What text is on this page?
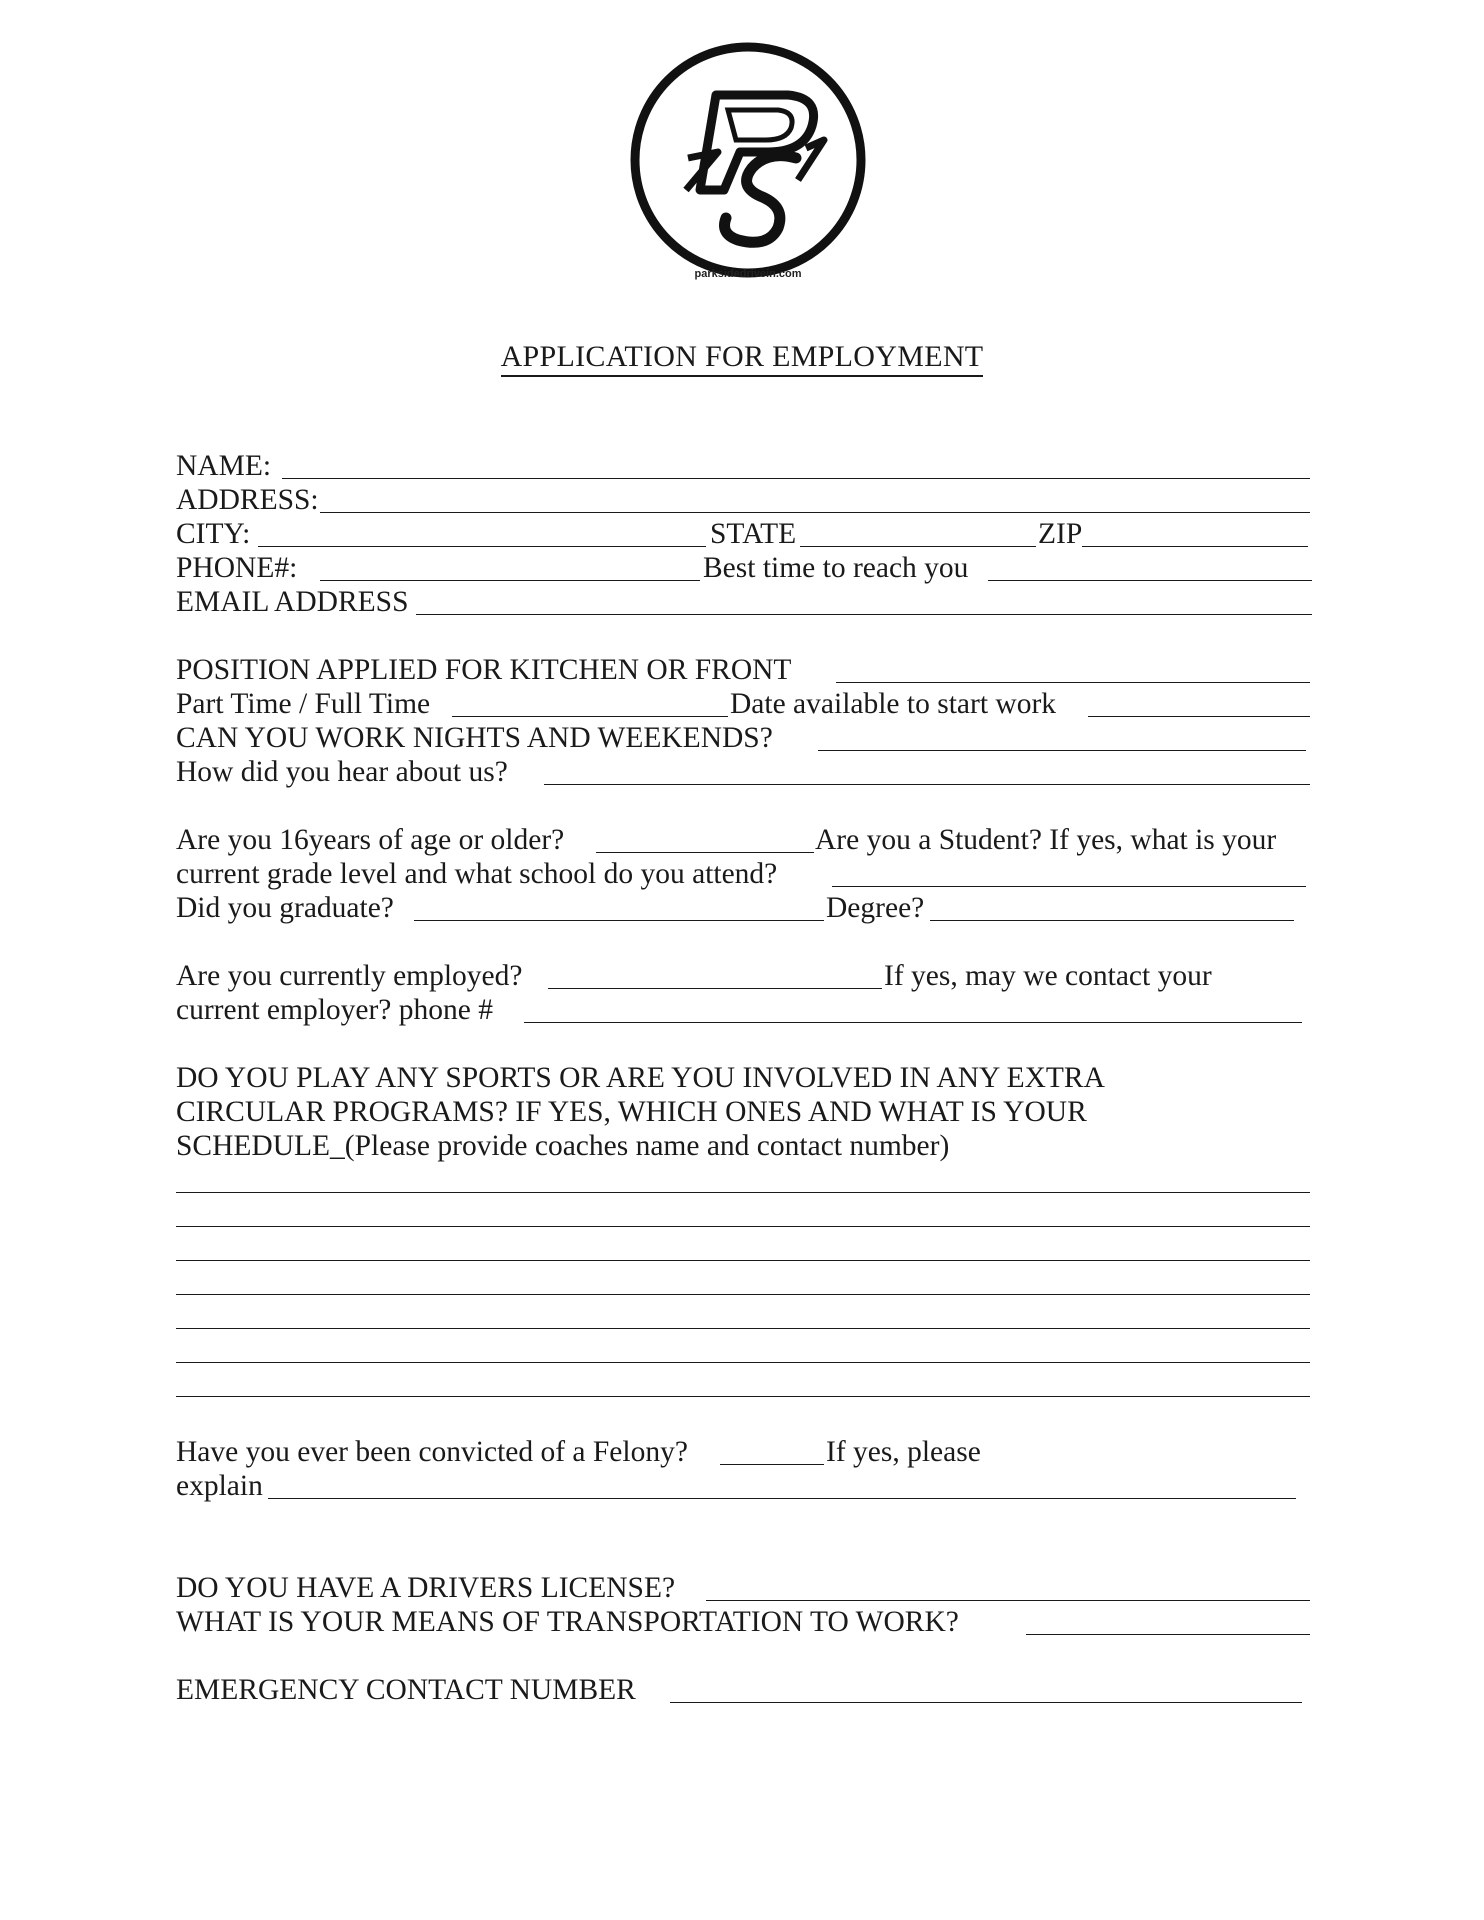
parksidedrivein.com
APPLICATION FOR EMPLOYMENT
NAME:
ADDRESS:
CITY:	STATE	ZIP
PHONE#:	Best time to reach you
EMAIL ADDRESS
POSITION APPLIED FOR KITCHEN OR FRONT
Part Time / Full Time	Date available to start work
CAN YOU WORK NIGHTS AND WEEKENDS?
How did you hear about us?
Are you 16years of age or older?	Are you a Student? If yes, what is your
current grade level and what school do you attend?
Did you graduate?	Degree?
Are you currently employed?	If yes, may we contact your
current employer? phone #
DO YOU PLAY ANY SPORTS OR ARE YOU INVOLVED IN ANY EXTRA
CIRCULAR PROGRAMS? IF YES, WHICH ONES AND WHAT IS YOUR
SCHEDULE_(Please provide coaches name and contact number)
Have you ever been convicted of a Felony?	If yes, please
explain
DO YOU HAVE A DRIVERS LICENSE?
WHAT IS YOUR MEANS OF TRANSPORTATION TO WORK?
EMERGENCY CONTACT NUMBER
